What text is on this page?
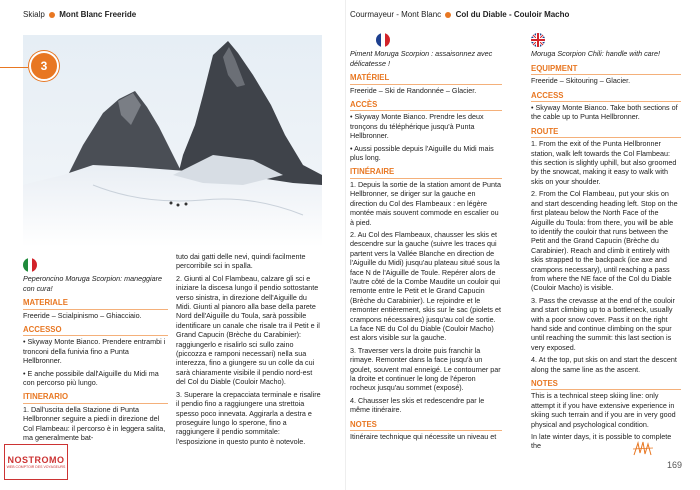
Skialp Mont Blanc Freeride
3

Peperoncino Moruga Scorpion: maneggiare con cura!

MATERIALE

Freeride – Scialpinismo – Ghiacciaio.

ACCESSO

• Skyway Monte Bianco. Prendere entrambi i tronconi della funivia fino a Punta Hellbronner.

• E anche possibile dall'Aiguille du Midi ma con percorso più lungo.

ITINERARIO

1. Dall'uscita della Stazione di Punta Hellbronner seguire a piedi in direzione del Col Flambeau: il percorso è in leggera salita, ma generalmente bat-

tuto dai gatti delle nevi, quindi facilmente percorribile sci in spalla.

2. Giunti al Col Flambeau, calzare gli sci e iniziare la discesa lungo il pendio sottostante verso sinistra, in direzione dell'Aiguille du Midi. Giunti al pianoro alla base della parete Nord dell'Aiguille du Toula, sarà possibile identificare un canale che risale tra il Petit e il Grand Capucin (Brèche du Carabinier): raggiungerlo e risalirlo sci sullo zaino (piccozza e ramponi necessari) nella sua interezza, fino a giungere su un colle da cui sarà chiaramente visibile il pendio nord-est del Col du Diable (Couloir Macho).

3. Superare la crepacciata terminale e risalire il pendio fino a raggiungere una strettoia spesso poco innevata. Aggirarla a destra e proseguire lungo lo sperone, fino a raggiungere il pendio sommitale: l'esposizione in questo punto è notevole.

NOSTROMO
WEB COMPTOIR DES VOYAGEURS
Courmayeur - Mont Blanc Col du Diable - Couloir Macho

Piment Moruga Scorpion : assaisonnez avec délicatesse !

MATÉRIEL

Freeride – Ski de Randonnée – Glacier.

ACCÈS

• Skyway Monte Bianco. Prendre les deux tronçons du téléphérique jusqu'à Punta Hellbronner.

• Aussi possible depuis l'Aiguille du Midi mais plus long.

ITINÉRAIRE

1. Depuis la sortie de la station amont de Punta Hellbronner, se diriger sur la gauche en direction du Col des Flambeaux : en légère montée mais souvent commode en escalier ou à pied.

2. Au Col des Flambeaux, chausser les skis et descendre sur la gauche (suivre les traces qui partent vers la Vallée Blanche en direction de l'Aiguille du Midi) jusqu'au plateau situé sous la face N de l'Aiguille de Toule. Repérer alors de l'autre côté de la Combe Maudite un couloir qui remonte entre le Petit et le Grand Capucin (Brèche du Carabinier). Le rejoindre et le remonter entièrement, skis sur le sac (piolets et crampons nécessaires) jusqu'au col de sortie. La face NE du Col du Diable (Couloir Macho) est alors visible sur la gauche.

3. Traverser vers la droite puis franchir la rimaye. Remonter dans la face jusqu'à un goulet, souvent mal enneigé. Le contourner par la droite et continuer le long de l'éperon rocheux jusqu'au sommet (exposé).

4. Chausser les skis et redescendre par le même itinéraire.

NOTES

Itinéraire technique qui nécessite un niveau et

Moruga Scorpion Chili: handle with care!

EQUIPMENT

Freeride – Skitouring – Glacier.

ACCESS

• Skyway Monte Bianco. Take both sections of the cable up to Punta Hellbronner.

ROUTE

1. From the exit of the Punta Hellbronner station, walk left towards the Col Flambeau: this section is slightly uphill, but also groomed by the snowcat, making it easy to walk with skis on your shoulder.

2. From the Col Flambeau, put your skis on and start descending heading left. Stop on the first plateau below the North Face of the Aiguille du Toula: from there, you will be able to identify the couloir that runs between the Petit and the Grand Capucin (Brèche du Carabinier). Reach and climb it entirely with skis strapped to the backpack (ice axe and crampons necessary), until reaching a pass from where the NE face of the Col du Diable (Couloir Macho) is visible.

3. Pass the crevasse at the end of the couloir and start climbing up to a bottleneck, usually with a poor snow cover. Pass it on the right hand side and continue climbing on the spur until reaching the summit: this last section is very exposed.

4. At the top, put skis on and start the descent along the same line as the ascent.

NOTES

This is a technical steep skiing line: only attempt it if you have extensive experience in skiing such terrain and if you are in very good physical and psychological condition.

In late winter days, it is possible to complete the

169
